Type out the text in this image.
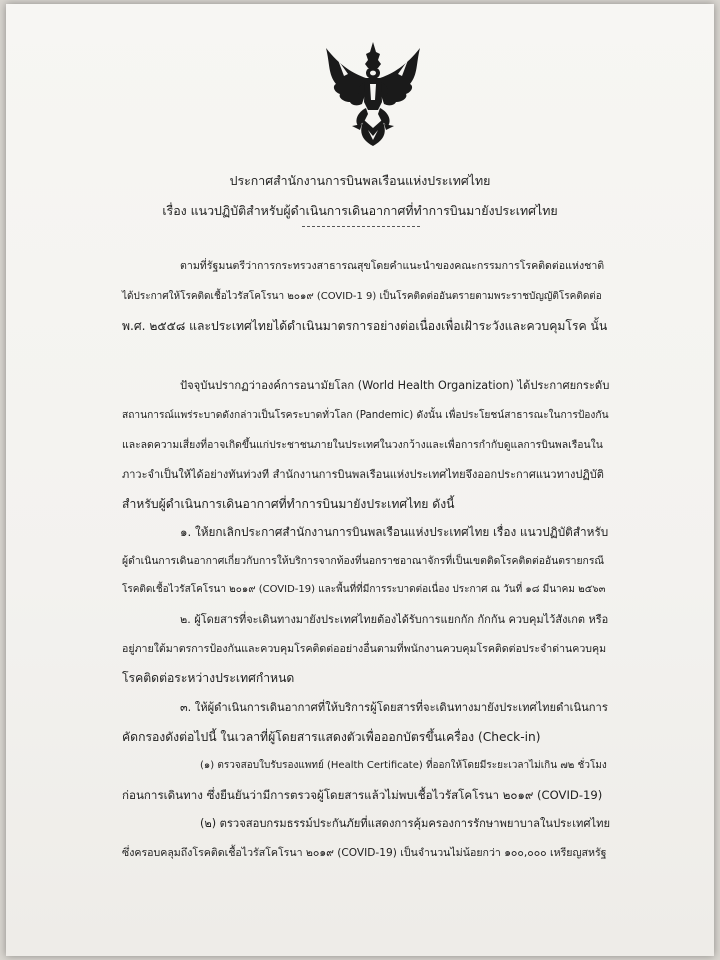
ประกาศสำนักงานการบินพลเรือนแห่งประเทศไทย
เรื่อง แนวปฏิบัติสำหรับผู้ดำเนินการเดินอากาศที่ทำการบินมายังประเทศไทย
ตามที่รัฐมนตรีว่าการกระทรวงสาธารณสุขโดยคำแนะนำของคณะกรรมการโรคติดต่อแห่งชาติ
ได้ประกาศให้โรคติดเชื้อไวรัสโคโรนา ๒๐๑๙ (COVID-1 9) เป็นโรคติดต่ออันตรายตามพระราชบัญญัติโรคติดต่อ
พ.ศ. ๒๕๕๘ และประเทศไทยได้ดำเนินมาตรการอย่างต่อเนื่องเพื่อเฝ้าระวังและควบคุมโรค นั้น
ปัจจุบันปรากฏว่าองค์การอนามัยโลก (World Health Organization) ได้ประกาศยกระดับ
สถานการณ์แพร่ระบาดดังกล่าวเป็นโรคระบาดทั่วโลก (Pandemic) ดังนั้น เพื่อประโยชน์สาธารณะในการป้องกัน
และลดความเสี่ยงที่อาจเกิดขึ้นแก่ประชาชนภายในประเทศในวงกว้างและเพื่อการกำกับดูแลการบินพลเรือนใน
ภาวะจำเป็นให้ได้อย่างทันท่วงที สำนักงานการบินพลเรือนแห่งประเทศไทยจึงออกประกาศแนวทางปฏิบัติ
สำหรับผู้ดำเนินการเดินอากาศที่ทำการบินมายังประเทศไทย ดังนี้
๑. ให้ยกเลิกประกาศสำนักงานการบินพลเรือนแห่งประเทศไทย เรื่อง แนวปฏิบัติสำหรับ
ผู้ดำเนินการเดินอากาศเกี่ยวกับการให้บริการจากท้องที่นอกราชอาณาจักรที่เป็นเขตติดโรคติดต่ออันตรายกรณี
โรคติดเชื้อไวรัสโคโรนา ๒๐๑๙ (COVID-19) และพื้นที่ที่มีการระบาดต่อเนื่อง ประกาศ ณ วันที่ ๑๘ มีนาคม ๒๕๖๓
๒. ผู้โดยสารที่จะเดินทางมายังประเทศไทยต้องได้รับการแยกกัก กักกัน ควบคุมไว้สังเกต หรือ
อยู่ภายใต้มาตรการป้องกันและควบคุมโรคติดต่ออย่างอื่นตามที่พนักงานควบคุมโรคติดต่อประจำด่านควบคุม
โรคติดต่อระหว่างประเทศกำหนด
๓. ให้ผู้ดำเนินการเดินอากาศที่ให้บริการผู้โดยสารที่จะเดินทางมายังประเทศไทยดำเนินการ
คัดกรองดังต่อไปนี้ ในเวลาที่ผู้โดยสารแสดงตัวเพื่อออกบัตรขึ้นเครื่อง (Check-in)
(๑) ตรวจสอบใบรับรองแพทย์ (Health Certificate) ที่ออกให้โดยมีระยะเวลาไม่เกิน ๗๒ ชั่วโมง
ก่อนการเดินทาง ซึ่งยืนยันว่ามีการตรวจผู้โดยสารแล้วไม่พบเชื้อไวรัสโคโรนา ๒๐๑๙ (COVID-19)
(๒) ตรวจสอบกรมธรรม์ประกันภัยที่แสดงการคุ้มครองการรักษาพยาบาลในประเทศไทย
ซึ่งครอบคลุมถึงโรคติดเชื้อไวรัสโคโรนา ๒๐๑๙ (COVID-19) เป็นจำนวนไม่น้อยกว่า ๑๐๐,๐๐๐ เหรียญสหรัฐ
